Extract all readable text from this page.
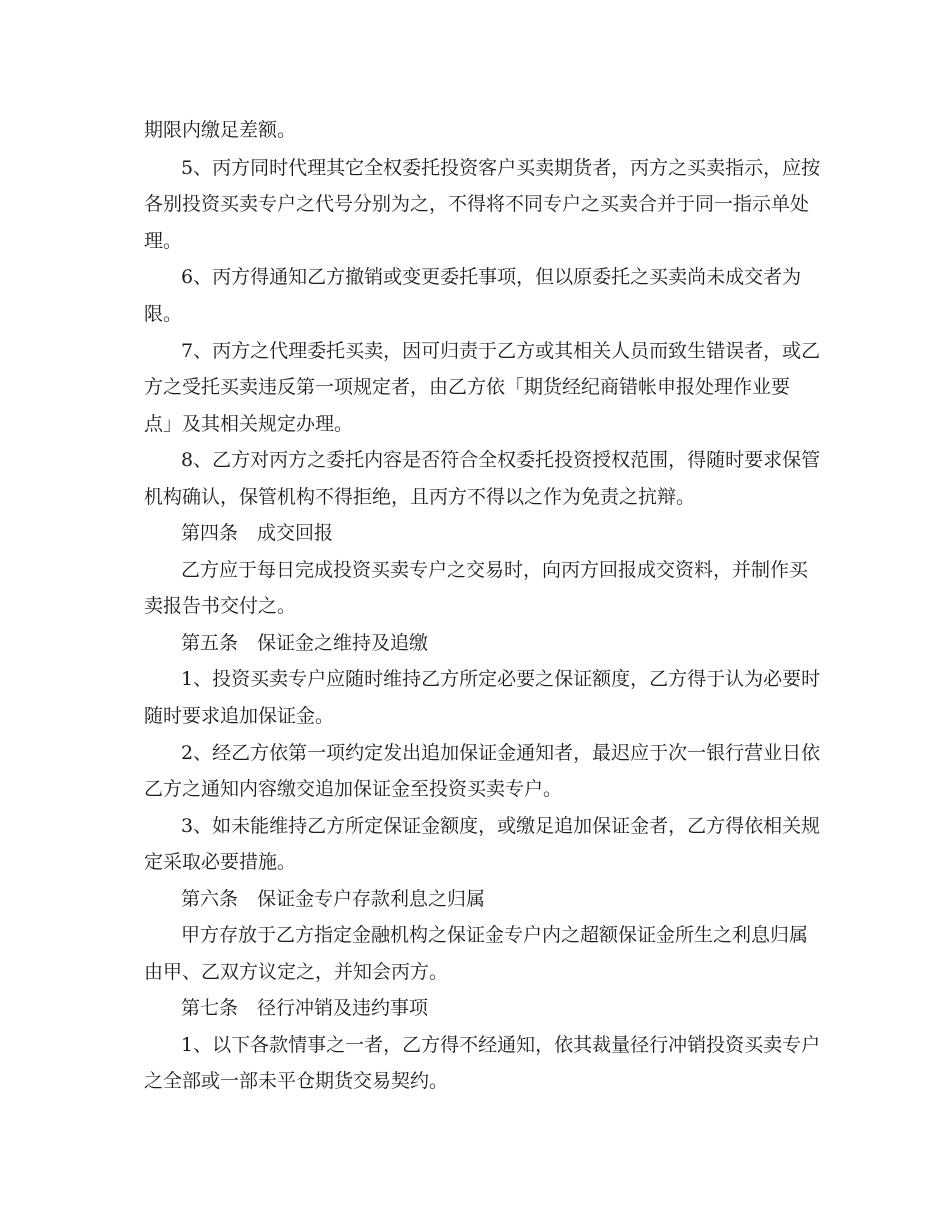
期限内缴足差额。
5、丙方同时代理其它全权委托投资客户买卖期货者，丙方之买卖指示，应按
各别投资买卖专户之代号分别为之，不得将不同专户之买卖合并于同一指示单处
理。
6、丙方得通知乙方撤销或变更委托事项，但以原委托之买卖尚未成交者为
限。
7、丙方之代理委托买卖，因可归责于乙方或其相关人员而致生错误者，或乙
方之受托买卖违反第一项规定者，由乙方依「期货经纪商错帐申报处理作业要
点」及其相关规定办理。
8、乙方对丙方之委托内容是否符合全权委托投资授权范围，得随时要求保管
机构确认，保管机构不得拒绝，且丙方不得以之作为免责之抗辩。
第四条　成交回报
乙方应于每日完成投资买卖专户之交易时，向丙方回报成交资料，并制作买
卖报告书交付之。
第五条　保证金之维持及追缴
1、投资买卖专户应随时维持乙方所定必要之保证额度，乙方得于认为必要时
随时要求追加保证金。
2、经乙方依第一项约定发出追加保证金通知者，最迟应于次一银行营业日依
乙方之通知内容缴交追加保证金至投资买卖专户。
3、如未能维持乙方所定保证金额度，或缴足追加保证金者，乙方得依相关规
定采取必要措施。
第六条　保证金专户存款利息之归属
甲方存放于乙方指定金融机构之保证金专户内之超额保证金所生之利息归属
由甲、乙双方议定之，并知会丙方。
第七条　径行冲销及违约事项
1、以下各款情事之一者，乙方得不经通知，依其裁量径行冲销投资买卖专户
之全部或一部未平仓期货交易契约。
